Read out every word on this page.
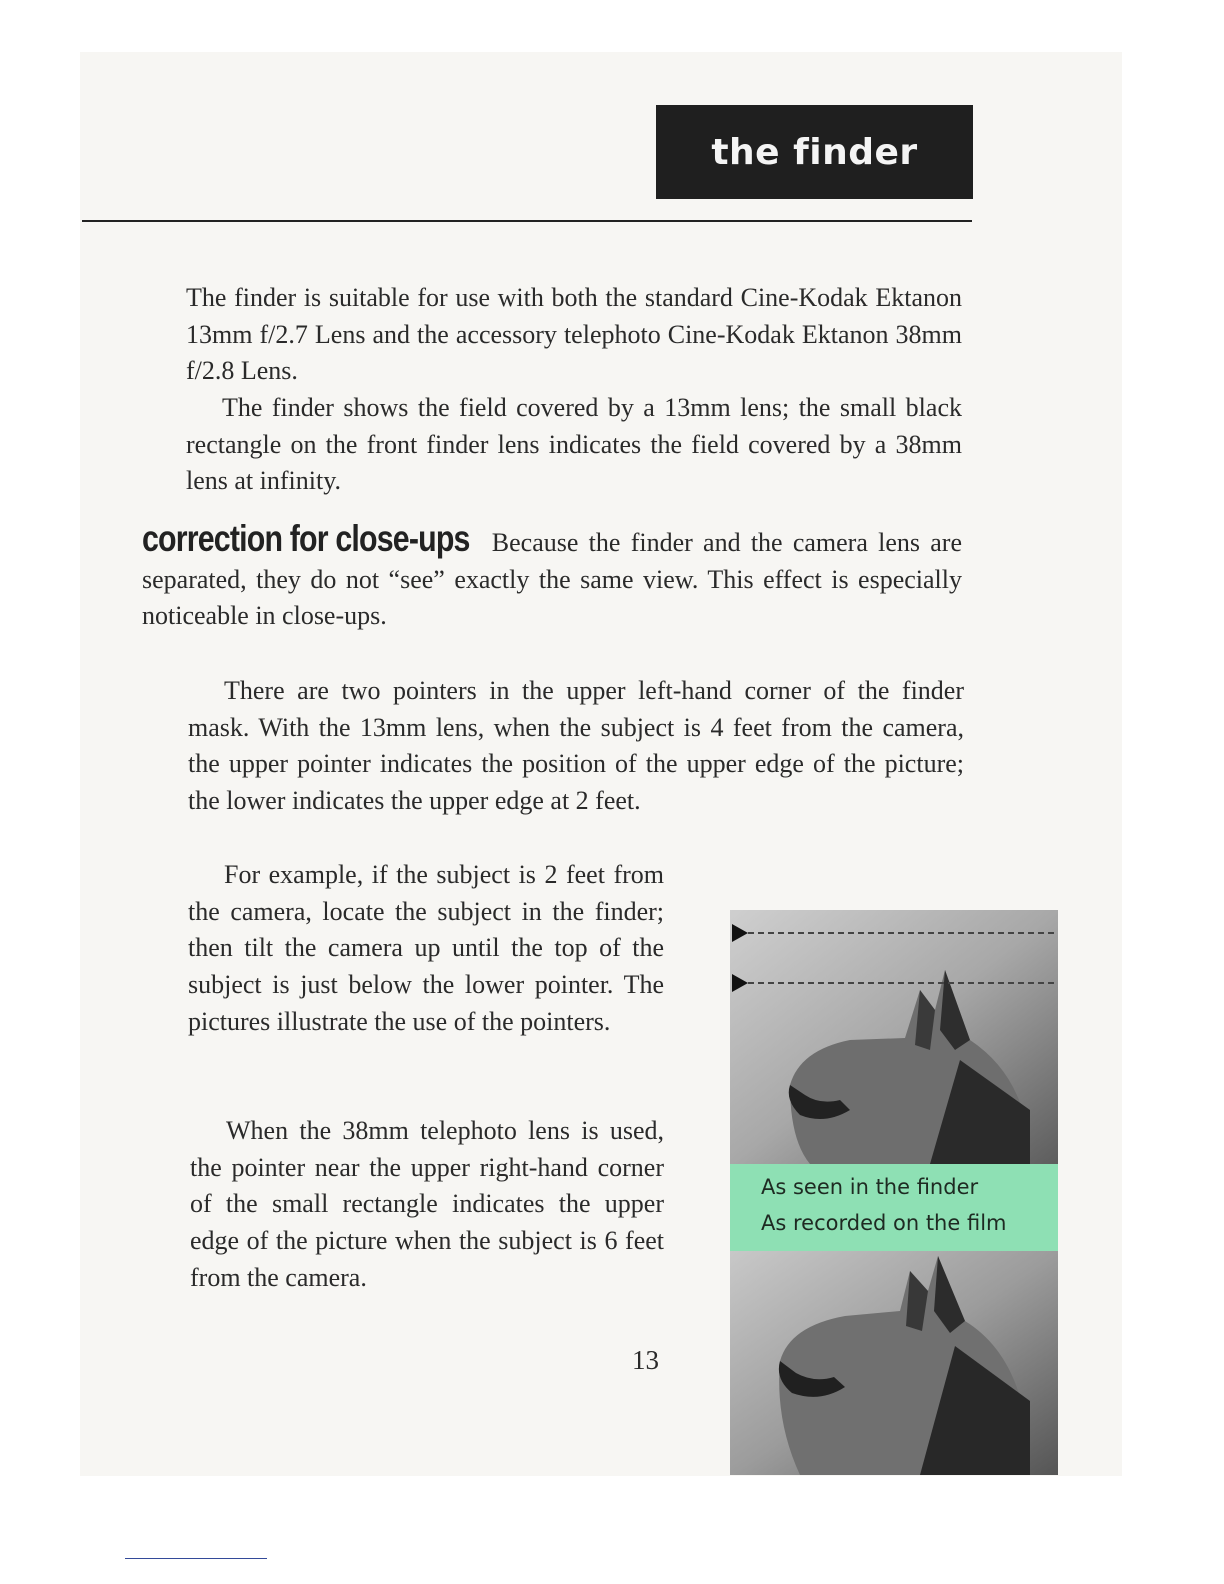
the finder

The finder is suitable for use with both the standard Cine-Kodak Ektanon 13mm f/2.7 Lens and the accessory telephoto Cine-Kodak Ektanon 38mm f/2.8 Lens.

The finder shows the field covered by a 13mm lens; the small black rectangle on the front finder lens indicates the field covered by a 38mm lens at infinity.

correction for close-ups Because the finder and the camera lens are separated, they do not “see” exactly the same view. This effect is especially noticeable in close-ups.

There are two pointers in the upper left-hand corner of the finder mask. With the 13mm lens, when the subject is 4 feet from the camera, the upper pointer indicates the position of the upper edge of the picture; the lower indicates the upper edge at 2 feet.

For example, if the subject is 2 feet from the camera, locate the subject in the finder; then tilt the camera up until the top of the subject is just below the lower pointer. The pictures illustrate the use of the pointers.

When the 38mm telephoto lens is used, the pointer near the upper right-hand corner of the small rectangle indicates the upper edge of the picture when the subject is 6 feet from the camera.

13
As seen in the finder
As recorded on the film
